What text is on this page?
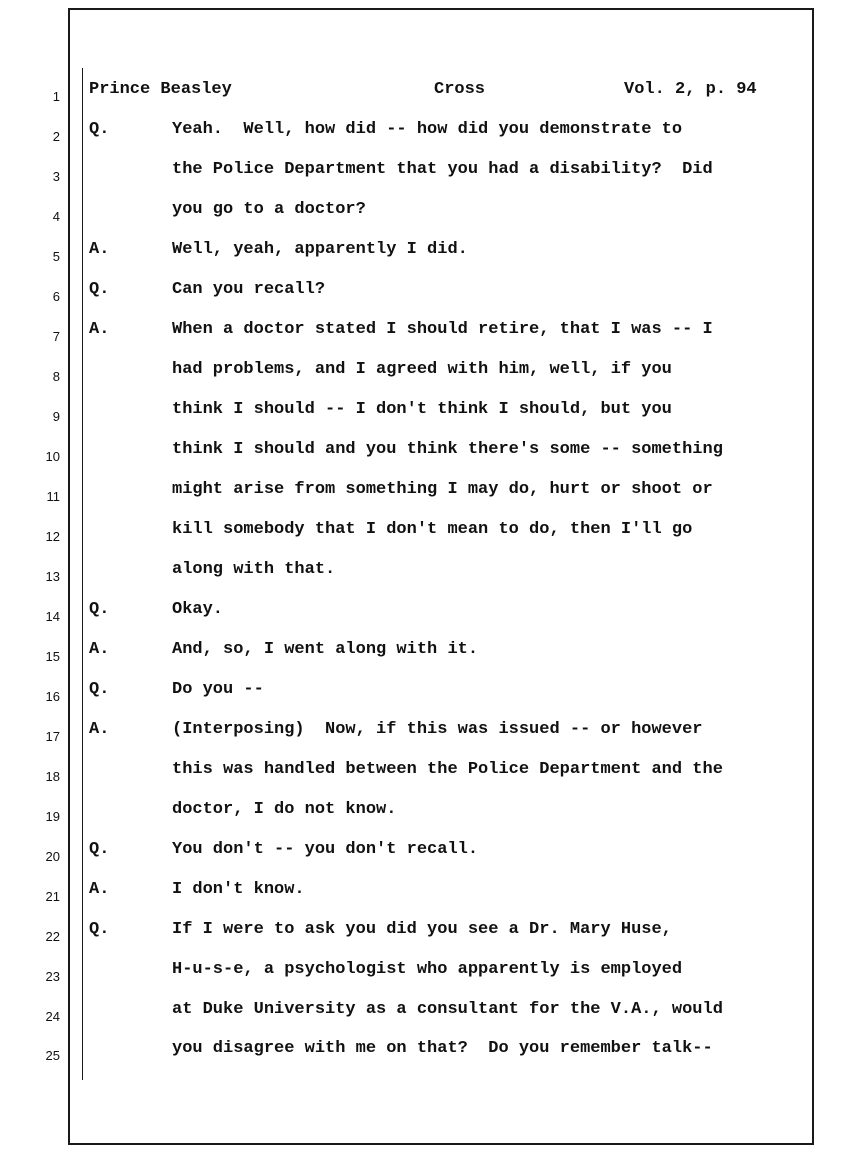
1 Prince Beasley	Cross	Vol. 2, p. 94
2 Q.	Yeah.  Well, how did -- how did you demonstrate to
3	the Police Department that you had a disability?  Did
4	you go to a doctor?
5 A.	Well, yeah, apparently I did.
6 Q.	Can you recall?
7 A.	When a doctor stated I should retire, that I was -- I
8	had problems, and I agreed with him, well, if you
9	think I should -- I don't think I should, but you
10	think I should and you think there's some -- something
11	might arise from something I may do, hurt or shoot or
12	kill somebody that I don't mean to do, then I'll go
13	along with that.
14 Q.	Okay.
15 A.	And, so, I went along with it.
16 Q.	Do you --
17 A.	(Interposing)  Now, if this was issued -- or however
18	this was handled between the Police Department and the
19	doctor, I do not know.
20 Q.	You don't -- you don't recall.
21 A.	I don't know.
22 Q.	If I were to ask you did you see a Dr. Mary Huse,
23	H-u-s-e, a psychologist who apparently is employed
24	at Duke University as a consultant for the V.A., would
25	you disagree with me on that?  Do you remember talk--
